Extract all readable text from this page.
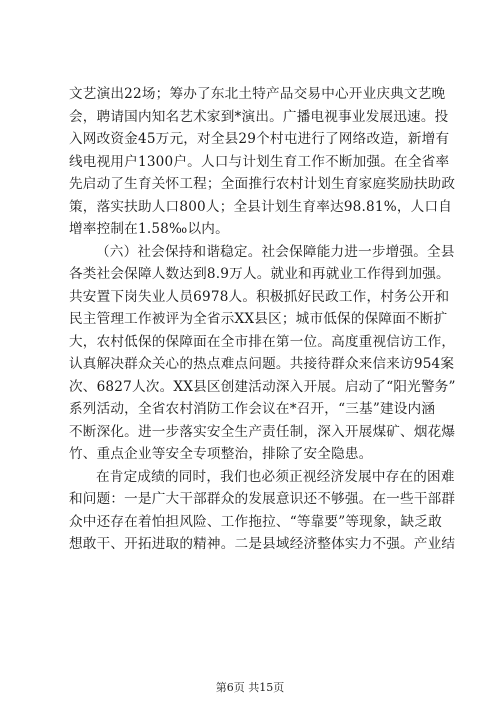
文艺演出22场；筹办了东北土特产品交易中心开业庆典文艺晚
会，聘请国内知名艺术家到*演出。广播电视事业发展迅速。投
入网改资金45万元，对全县29个村屯进行了网络改造，新增有
线电视用户1300户。人口与计划生育工作不断加强。在全省率
先启动了生育关怀工程；全面推行农村计划生育家庭奖励扶助政
策，落实扶助人口800人；全县计划生育率达98.81%，人口自
增率控制在1.58‰以内。
（六）社会保持和谐稳定。社会保障能力进一步增强。全县
各类社会保障人数达到8.9万人。就业和再就业工作得到加强。
共安置下岗失业人员6978人。积极抓好民政工作，村务公开和
民主管理工作被评为全省示XX县区；城市低保的保障面不断扩
大，农村低保的保障面在全市排在第一位。高度重视信访工作，
认真解决群众关心的热点难点问题。共接待群众来信来访954案
次、6827人次。XX县区创建活动深入开展。启动了“阳光警务”
系列活动，全省农村消防工作会议在*召开，“三基”建设内涵
不断深化。进一步落实安全生产责任制，深入开展煤矿、烟花爆
竹、重点企业等安全专项整治，排除了安全隐患。
在肯定成绩的同时，我们也必须正视经济发展中存在的困难
和问题：一是广大干部群众的发展意识还不够强。在一些干部群
众中还存在着怕担风险、工作拖拉、“等靠要”等现象，缺乏敢
想敢干、开拓进取的精神。二是县域经济整体实力不强。产业结
第6页 共15页
